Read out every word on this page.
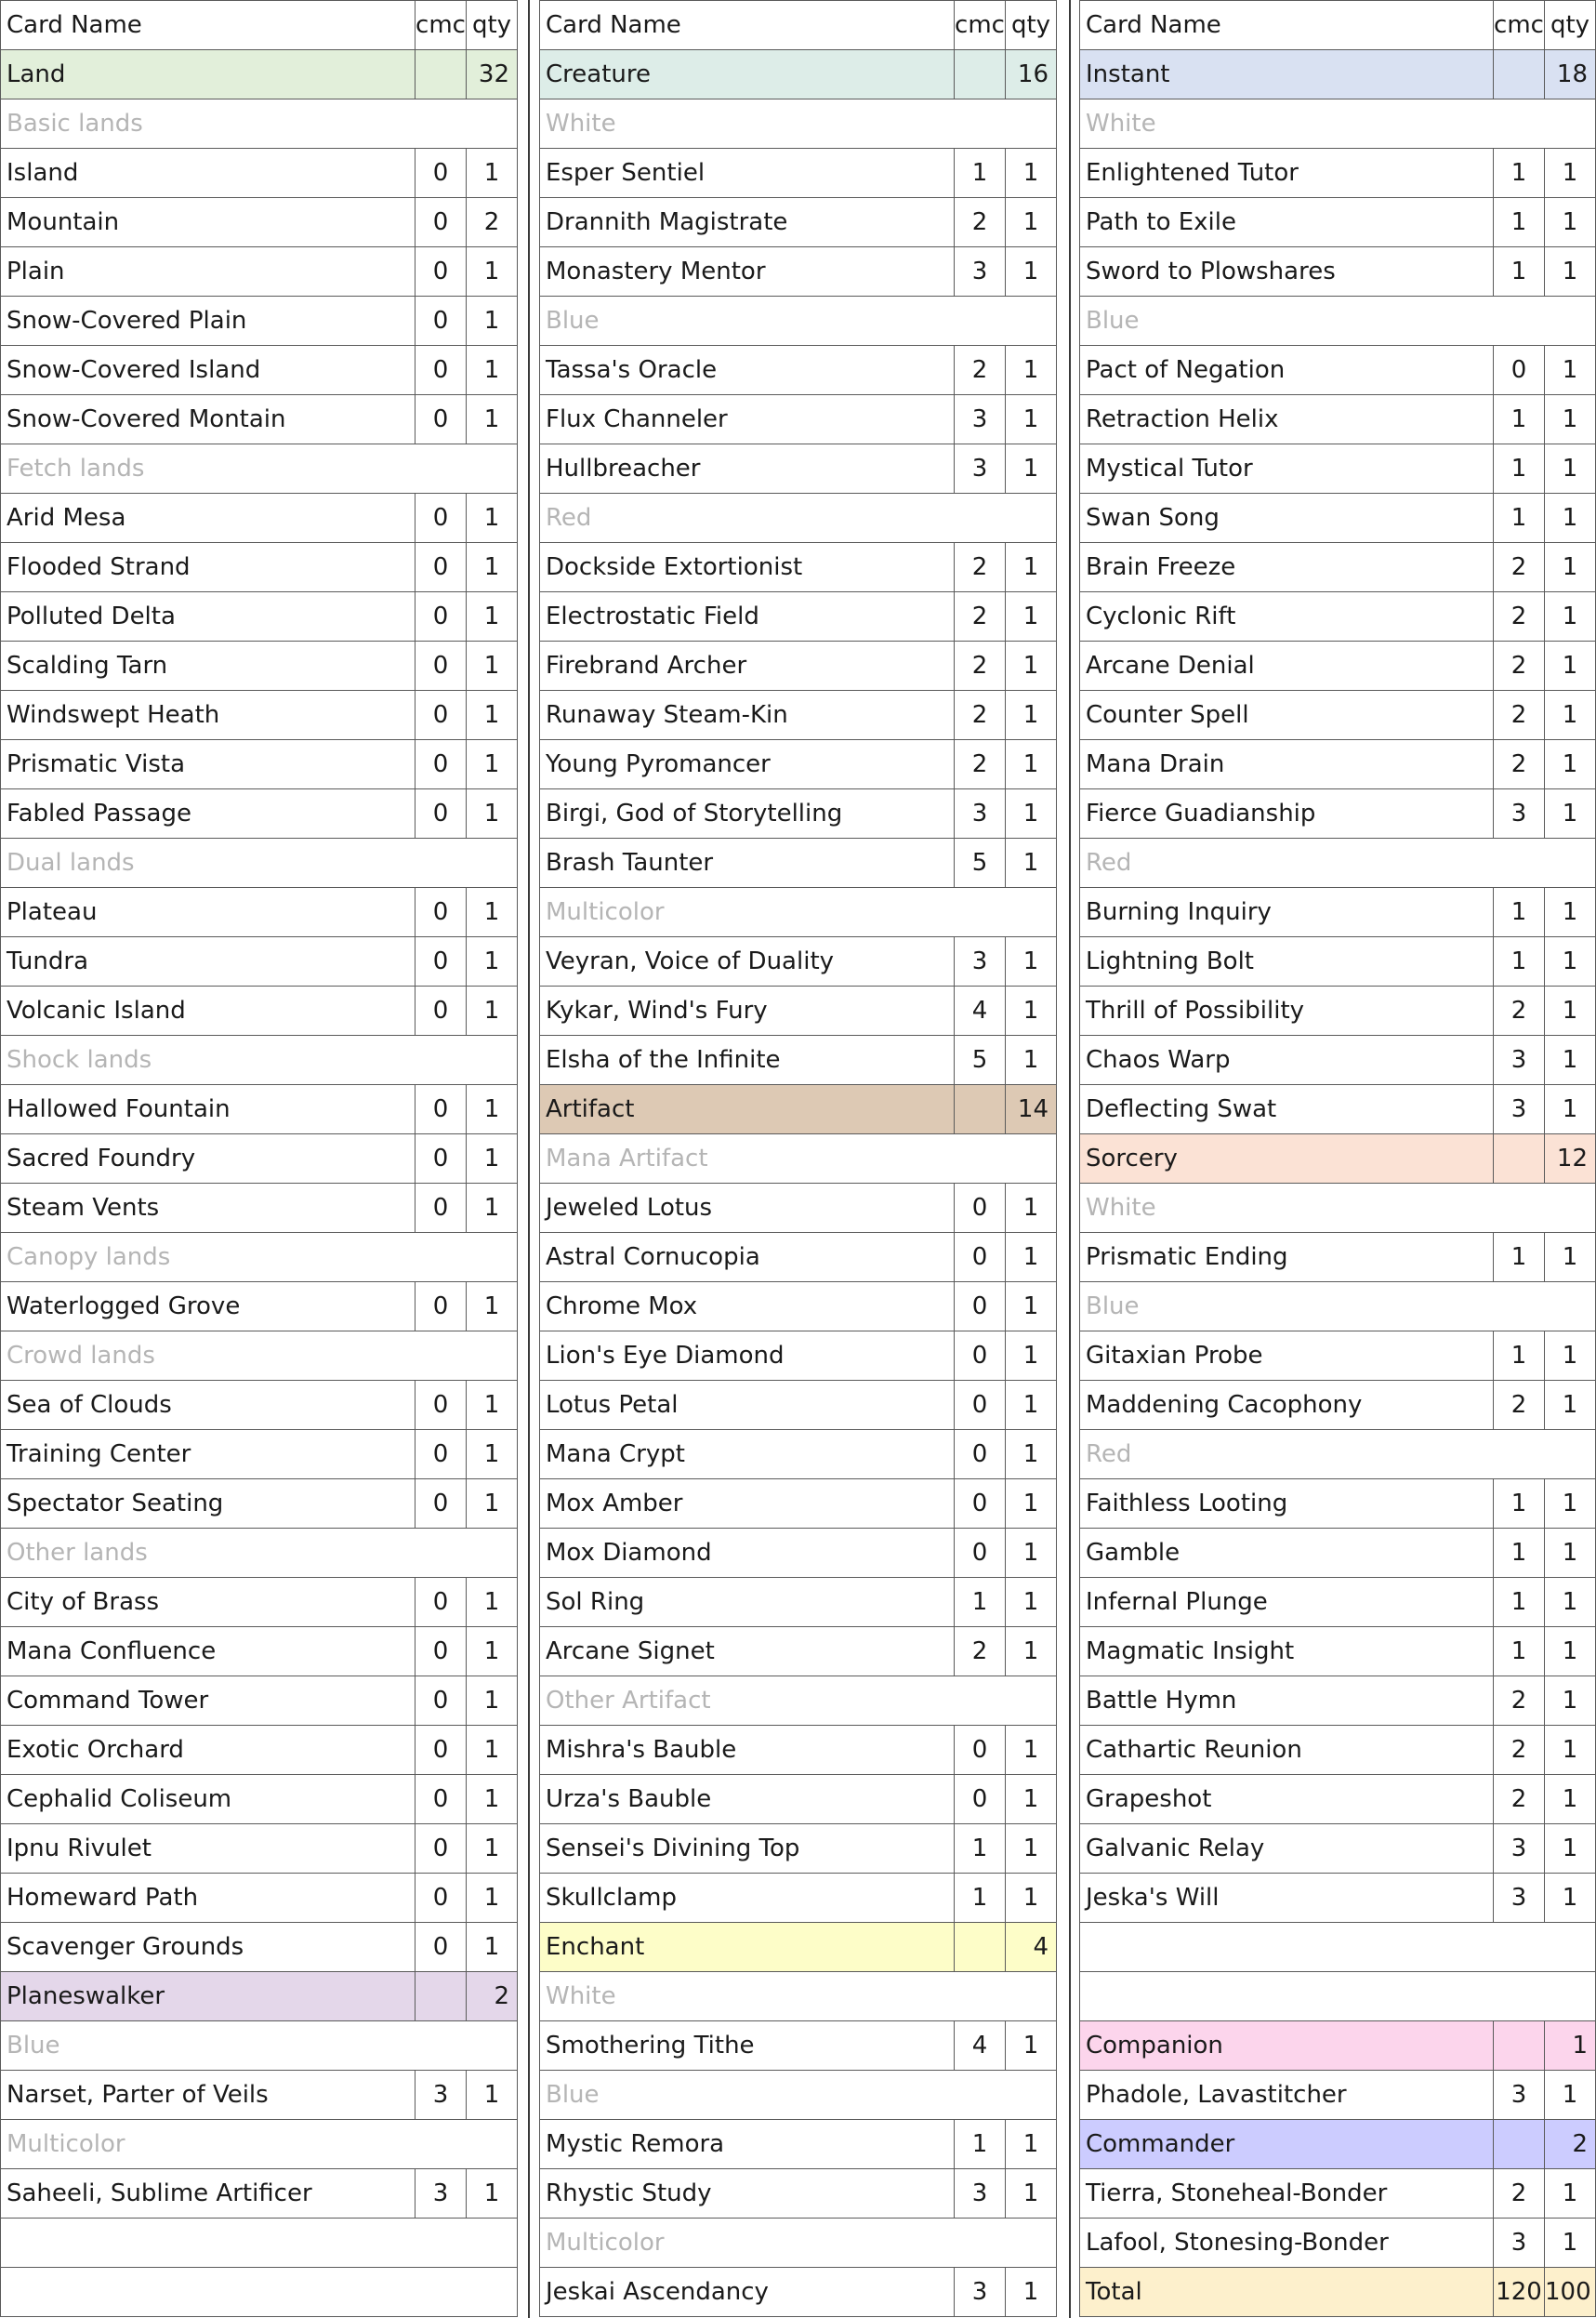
Card Name	cmc	qty
Land		32
Basic lands		
Island	0	1
Mountain	0	2
Plain	0	1
Snow-Covered Plain	0	1
Snow-Covered Island	0	1
Snow-Covered Montain	0	1
Fetch lands		
Arid Mesa	0	1
Flooded Strand	0	1
Polluted Delta	0	1
Scalding Tarn	0	1
Windswept Heath	0	1
Prismatic Vista	0	1
Fabled Passage	0	1
Dual lands		
Plateau	0	1
Tundra	0	1
Volcanic Island	0	1
Shock lands		
Hallowed Fountain	0	1
Sacred Foundry	0	1
Steam Vents	0	1
Canopy lands		
Waterlogged Grove	0	1
Crowd lands		
Sea of Clouds	0	1
Training Center	0	1
Spectator Seating	0	1
Other lands		
City of Brass	0	1
Mana Confluence	0	1
Command Tower	0	1
Exotic Orchard	0	1
Cephalid Coliseum	0	1
Ipnu Rivulet	0	1
Homeward Path	0	1
Scavenger Grounds	0	1
Planeswalker		2
Blue		
Narset, Parter of Veils	3	1
Multicolor		
Saheeli, Sublime Artificer	3	1

Card Name	cmc	qty
Creature		16
White		
Esper Sentiel	1	1
Drannith Magistrate	2	1
Monastery Mentor	3	1
Blue		
Tassa's Oracle	2	1
Flux Channeler	3	1
Hullbreacher	3	1
Red		
Dockside Extortionist	2	1
Electrostatic Field	2	1
Firebrand Archer	2	1
Runaway Steam-Kin	2	1
Young Pyromancer	2	1
Birgi, God of Storytelling	3	1
Brash Taunter	5	1
Multicolor		
Veyran, Voice of Duality	3	1
Kykar, Wind's Fury	4	1
Elsha of the Infinite	5	1
Artifact		14
Mana Artifact		
Jeweled Lotus	0	1
Astral Cornucopia	0	1
Chrome Mox	0	1
Lion's Eye Diamond	0	1
Lotus Petal	0	1
Mana Crypt	0	1
Mox Amber	0	1
Mox Diamond	0	1
Sol Ring	1	1
Arcane Signet	2	1
Other Artifact		
Mishra's Bauble	0	1
Urza's Bauble	0	1
Sensei's Divining Top	1	1
Skullclamp	1	1
Enchant		4
White		
Smothering Tithe	4	1
Blue		
Mystic Remora	1	1
Rhystic Study	3	1
Multicolor		
Jeskai Ascendancy	3	1
Card Name	cmc	qty
Instant		18
White		
Enlightened Tutor	1	1
Path to Exile	1	1
Sword to Plowshares	1	1
Blue		
Pact of Negation	0	1
Retraction Helix	1	1
Mystical Tutor	1	1
Swan Song	1	1
Brain Freeze	2	1
Cyclonic Rift	2	1
Arcane Denial	2	1
Counter Spell	2	1
Mana Drain	2	1
Fierce Guadianship	3	1
Red		
Burning Inquiry	1	1
Lightning Bolt	1	1
Thrill of Possibility	2	1
Chaos Warp	3	1
Deflecting Swat	3	1
Sorcery		12
White		
Prismatic Ending	1	1
Blue		
Gitaxian Probe	1	1
Maddening Cacophony	2	1
Red		
Faithless Looting	1	1
Gamble	1	1
Infernal Plunge	1	1
Magmatic Insight	1	1
Battle Hymn	2	1
Cathartic Reunion	2	1
Grapeshot	2	1
Galvanic Relay	3	1
Jeska's Will	3	1

Companion		1
Phadole, Lavastitcher	3	1
Commander		2
Tierra, Stoneheal-Bonder	2	1
Lafool, Stonesing-Bonder	3	1
Total	120	100
